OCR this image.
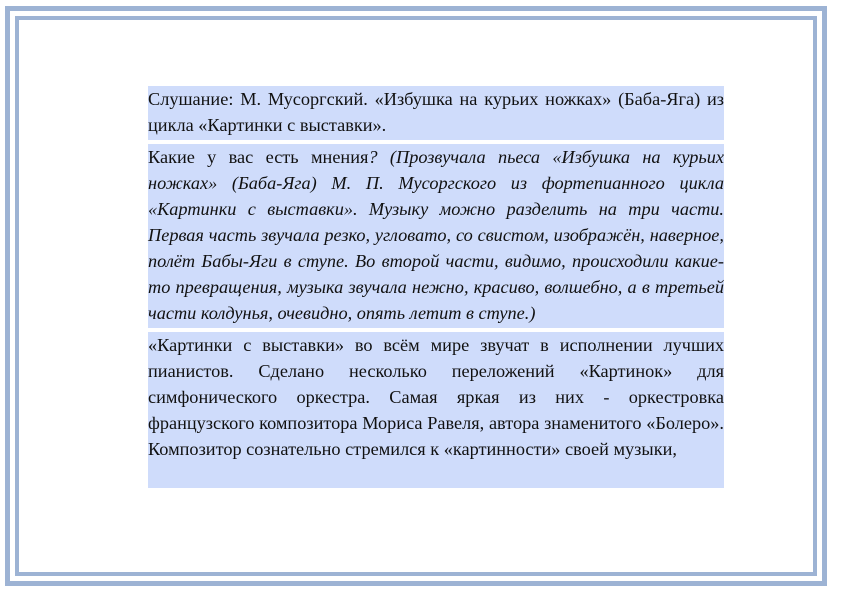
Слушание: М. Мусоргский. «Избушка на курьих ножках» (Баба-Яга) из цикла «Картинки с выставки».

Какие у вас есть мнения? (Прозвучала пьеса «Избушка на курьих ножках» (Баба-Яга) М. П. Мусоргского из фортепианного цикла «Картинки с выставки». Музыку можно разделить на три части. Первая часть звучала резко, угловато, со свистом, изображён, наверное, полёт Бабы-Яги в ступе. Во второй части, видимо, происходили какие-то превращения, музыка звучала нежно, красиво, волшебно, а в третьей части колдунья, очевидно, опять летит в ступе.)

«Картинки с выставки» во всём мире звучат в исполнении лучших пианистов. Сделано несколько переложений «Картинок» для симфонического оркестра. Самая яркая из них - оркестровка французского композитора Мориса Равеля, автора знаменитого «Болеро». Композитор сознательно стремился к «картинности» своей музыки,
